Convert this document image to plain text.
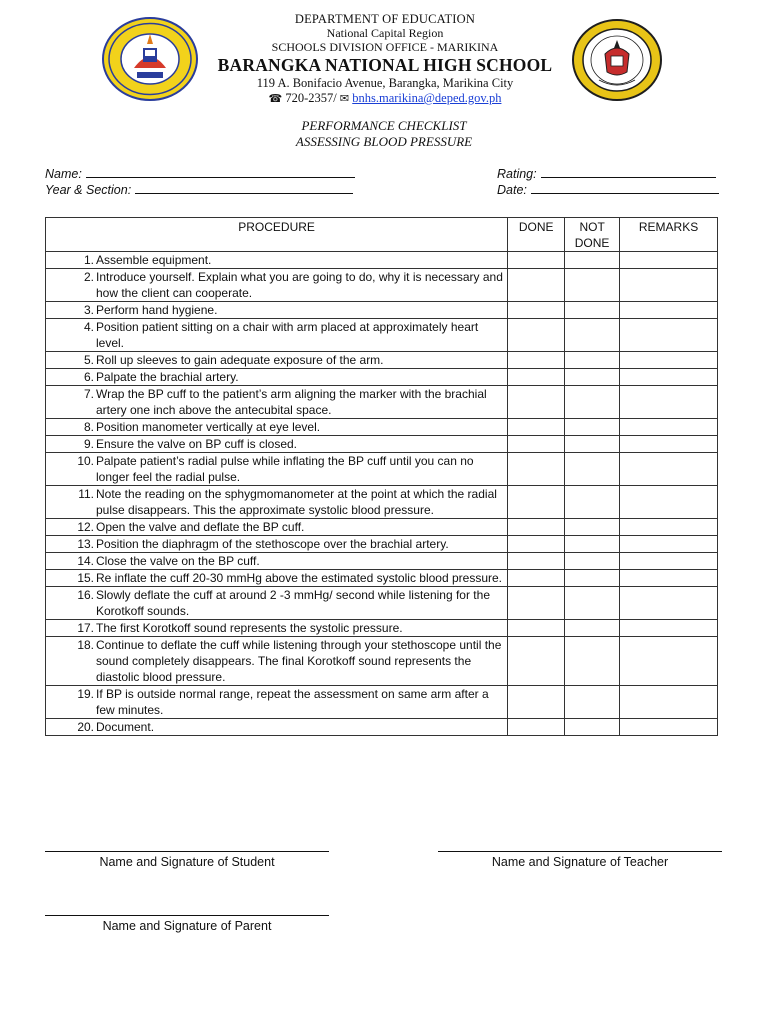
DEPARTMENT OF EDUCATION
National Capital Region
SCHOOLS DIVISION OFFICE - MARIKINA
BARANGKA NATIONAL HIGH SCHOOL
119 A. Bonifacio Avenue, Barangka, Marikina City
☎ 720-2357/ ✉ bnhs.marikina@deped.gov.ph
PERFORMANCE CHECKLIST
ASSESSING BLOOD PRESSURE
Name:
Year & Section:
Rating:
Date:
PROCEDURE	DONE	NOT DONE	REMARKS

1. Assemble equipment.			

2. Introduce yourself. Explain what you are going to do, why it is necessary and how the client can cooperate.			

3. Perform hand hygiene.			

4. Position patient sitting on a chair with arm placed at approximately heart level.			

5. Roll up sleeves to gain adequate exposure of the arm.			

6. Palpate the brachial artery.			

7. Wrap the BP cuff to the patient’s arm aligning the marker with the brachial artery one inch above the antecubital space.			

8. Position manometer vertically at eye level.			

9. Ensure the valve on BP cuff is closed.			

10. Palpate patient’s radial pulse while inflating the BP cuff until you can no longer feel the radial pulse.			

11. Note the reading on the sphygmomanometer at the point at which the radial pulse disappears. This the approximate systolic blood pressure.			

12. Open the valve and deflate the BP cuff.			

13. Position the diaphragm of the stethoscope over the brachial artery.			

14. Close the valve on the BP cuff.			

15. Re inflate the cuff 20-30 mmHg above the estimated systolic blood pressure.			

16. Slowly deflate the cuff at around 2 -3 mmHg/ second while listening for the Korotkoff sounds.			

17. The first Korotkoff sound represents the systolic pressure.			

18. Continue to deflate the cuff while listening through your stethoscope until the sound completely disappears. The final Korotkoff sound represents the diastolic blood pressure.			

19. If BP is outside normal range, repeat the assessment on same arm after a few minutes.			

20. Document.			

Name and Signature of Student	Name and Signature of Teacher
Name and Signature of Parent
